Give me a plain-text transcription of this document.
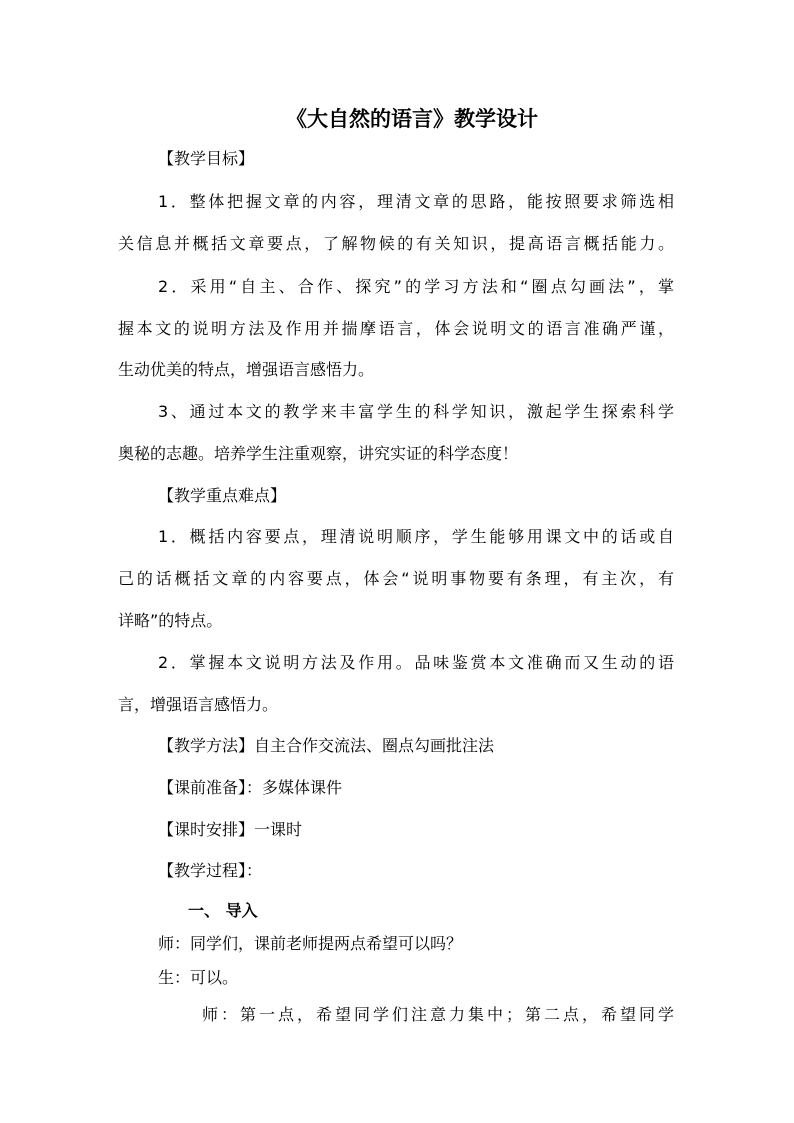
《大自然的语言》教学设计
【教学目标】
1．整体把握文章的内容，理清文章的思路，能按照要求筛选相
关信息并概括文章要点，了解物候的有关知识，提高语言概括能力。
2．采用“自主、合作、探究”的学习方法和“圈点勾画法”，掌
握本文的说明方法及作用并揣摩语言，体会说明文的语言准确严谨，
生动优美的特点，增强语言感悟力。
3、通过本文的教学来丰富学生的科学知识，激起学生探索科学
奥秘的志趣。培养学生注重观察，讲究实证的科学态度！
【教学重点难点】
1．概括内容要点，理清说明顺序，学生能够用课文中的话或自
己的话概括文章的内容要点，体会“说明事物要有条理，有主次，有
详略”的特点。
2．掌握本文说明方法及作用。品味鉴赏本文准确而又生动的语
言，增强语言感悟力。
【教学方法】自主合作交流法、圈点勾画批注法
【课前准备】：多媒体课件
【课时安排】一课时
【教学过程】：
一、 导入
师：同学们，课前老师提两点希望可以吗？
生：可以。
师：第一点，希望同学们注意力集中；第二点，希望同学
